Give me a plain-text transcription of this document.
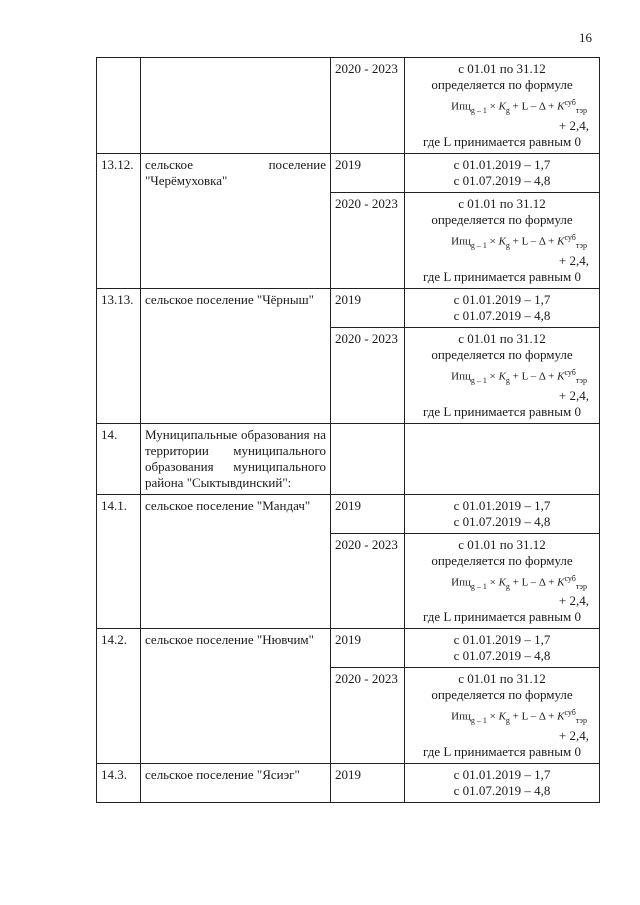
16
		2020 - 2023	с 01.01 по 31.12
определяется по формуле
$Ипц_{g - 1} \times K_g + L - \Delta + K^{суб}_{тэр}$
+ 2,4,
где L принимается равным 0

13.12.	сельское поселение "Черёмуховка"	2019	с 01.01.2019 – 1,7
с 01.07.2019 – 4,8

		2020 - 2023	с 01.01 по 31.12
определяется по формуле
$Ипц_{g - 1} \times K_g + L - \Delta + K^{суб}_{тэр}$
+ 2,4,
где L принимается равным 0

13.13.	сельское поселение "Чёрныш"	2019	с 01.01.2019 – 1,7
с 01.07.2019 – 4,8

		2020 - 2023	с 01.01 по 31.12
определяется по формуле
$Ипц_{g - 1} \times K_g + L - \Delta + K^{суб}_{тэр}$
+ 2,4,
где L принимается равным 0

14.	Муниципальные образования на территории муниципального образования муниципального района "Сыктывдинский":		
14.1.	сельское поселение "Мандач"	2019	с 01.01.2019 – 1,7
с 01.07.2019 – 4,8

		2020 - 2023	с 01.01 по 31.12
определяется по формуле
$Ипц_{g - 1} \times K_g + L - \Delta + K^{суб}_{тэр}$
+ 2,4,
где L принимается равным 0

14.2.	сельское поселение "Нювчим"	2019	с 01.01.2019 – 1,7
с 01.07.2019 – 4,8

		2020 - 2023	с 01.01 по 31.12
определяется по формуле
$Ипц_{g - 1} \times K_g + L - \Delta + K^{суб}_{тэр}$
+ 2,4,
где L принимается равным 0

14.3.	сельское поселение "Ясиэг"	2019	с 01.01.2019 – 1,7
с 01.07.2019 – 4,8
